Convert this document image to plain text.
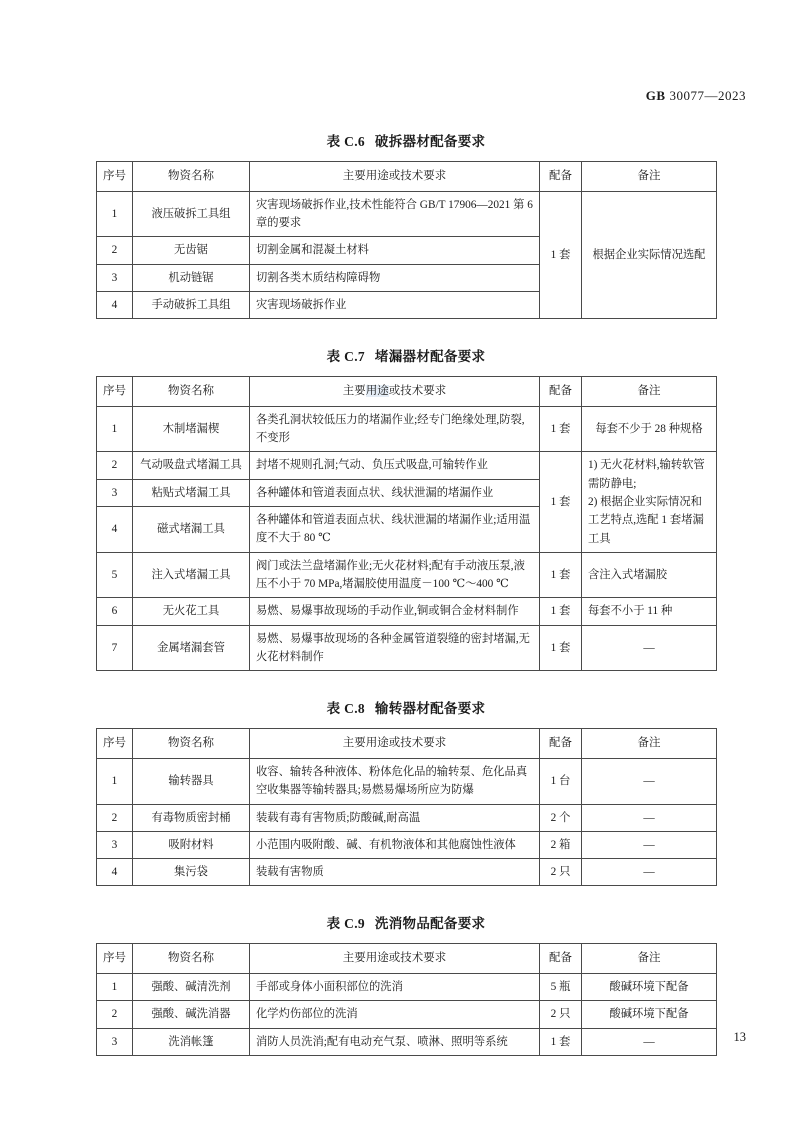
GB 30077—2023
表 C.6 破拆器材配备要求
序号	物资名称	主要用途或技术要求	配备	备注
1	液压破拆工具组	灾害现场破拆作业,技术性能符合 GB/T 17906—2021 第 6 章的要求	1 套	根据企业实际情况选配
2	无齿锯	切割金属和混凝土材料		
3	机动链锯	切割各类木质结构障碍物		
4	手动破拆工具组	灾害现场破拆作业		
表 C.7 堵漏器材配备要求
序号	物资名称	主要用途或技术要求	配备	备注
1	木制堵漏楔	各类孔洞状较低压力的堵漏作业;经专门绝缘处理,防裂,不变形	1 套	每套不少于 28 种规格
2	气动吸盘式堵漏工具	封堵不规则孔洞;气动、负压式吸盘,可输转作业	1 套	1) 无火花材料,输转软管需防静电;
2) 根据企业实际情况和工艺特点,选配 1 套堵漏工具
3	粘贴式堵漏工具	各种罐体和管道表面点状、线状泄漏的堵漏作业		
4	磁式堵漏工具	各种罐体和管道表面点状、线状泄漏的堵漏作业;适用温度不大于 80 ℃		
5	注入式堵漏工具	阀门或法兰盘堵漏作业;无火花材料;配有手动液压泵,液压不小于 70 MPa,堵漏胶使用温度－100 ℃～400 ℃	1 套	含注入式堵漏胶
6	无火花工具	易燃、易爆事故现场的手动作业,铜或铜合金材料制作	1 套	每套不小于 11 种
7	金属堵漏套管	易燃、易爆事故现场的各种金属管道裂缝的密封堵漏,无火花材料制作	1 套	—
表 C.8 输转器材配备要求
序号	物资名称	主要用途或技术要求	配备	备注
1	输转器具	收容、输转各种液体、粉体危化品的输转泵、危化品真空收集器等输转器具;易燃易爆场所应为防爆	1 台	—
2	有毒物质密封桶	装载有毒有害物质;防酸碱,耐高温	2 个	—
3	吸附材料	小范围内吸附酸、碱、有机物液体和其他腐蚀性液体	2 箱	—
4	集污袋	装载有害物质	2 只	—
表 C.9 洗消物品配备要求
序号	物资名称	主要用途或技术要求	配备	备注
1	强酸、碱清洗剂	手部或身体小面积部位的洗消	5 瓶	酸碱环境下配备
2	强酸、碱洗消器	化学灼伤部位的洗消	2 只	酸碱环境下配备
3	洗消帐篷	消防人员洗消;配有电动充气泵、喷淋、照明等系统	1 套	—	13
